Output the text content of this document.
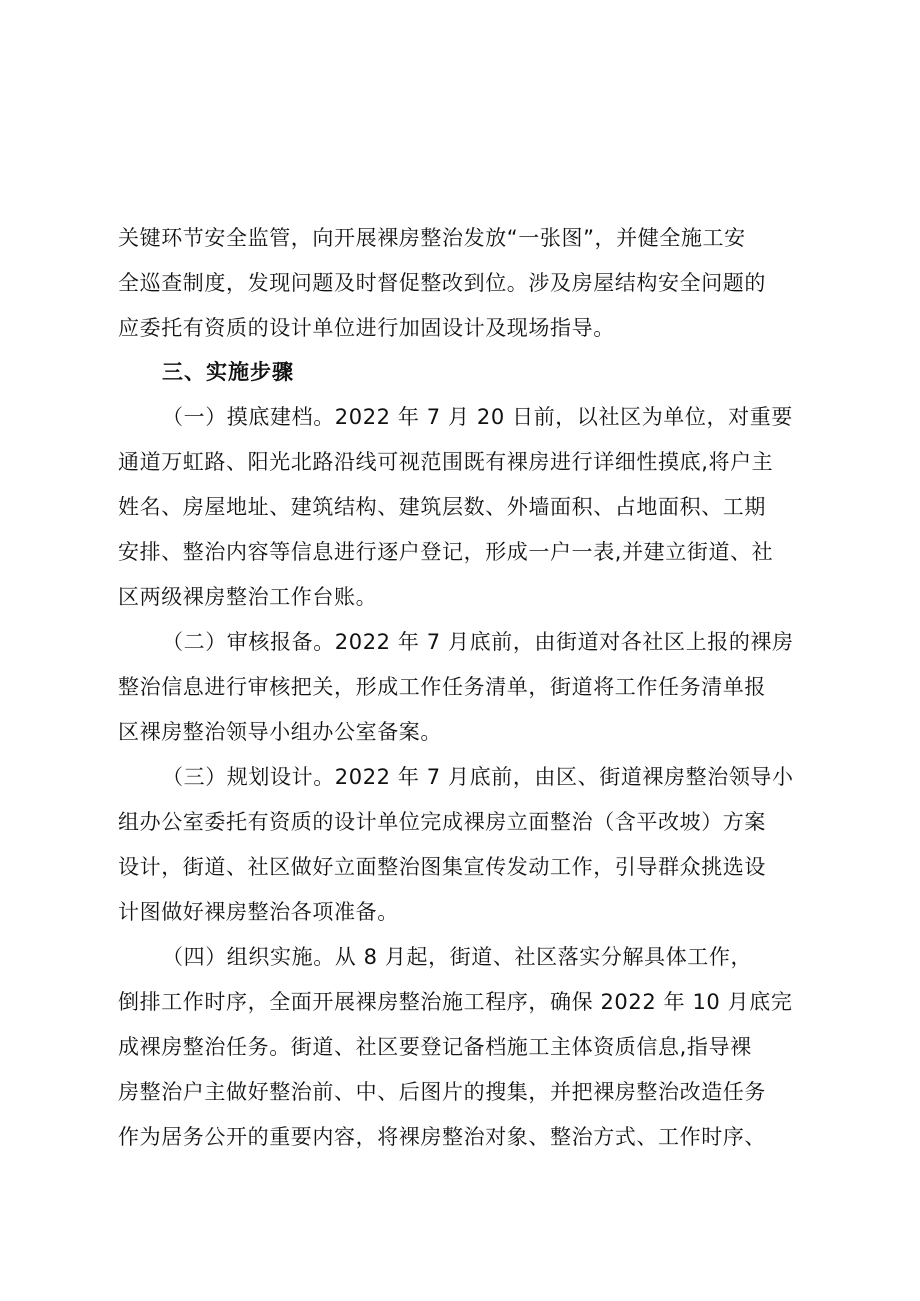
关键环节安全监管，向开展裸房整治发放“一张图”，并健全施工安
全巡查制度，发现问题及时督促整改到位。涉及房屋结构安全问题的
应委托有资质的设计单位进行加固设计及现场指导。
三、实施步骤
（一）摸底建档。2022 年 7 月 20 日前，以社区为单位，对重要
通道万虹路、阳光北路沿线可视范围既有裸房进行详细性摸底,将户主
姓名、房屋地址、建筑结构、建筑层数、外墙面积、占地面积、工期
安排、整治内容等信息进行逐户登记，形成一户一表,并建立街道、社
区两级裸房整治工作台账。
（二）审核报备。2022 年 7 月底前，由街道对各社区上报的裸房
整治信息进行审核把关，形成工作任务清单，街道将工作任务清单报
区裸房整治领导小组办公室备案。
（三）规划设计。2022 年 7 月底前，由区、街道裸房整治领导小
组办公室委托有资质的设计单位完成裸房立面整治（含平改坡）方案
设计，街道、社区做好立面整治图集宣传发动工作，引导群众挑选设
计图做好裸房整治各项准备。
（四）组织实施。从 8 月起，街道、社区落实分解具体工作，
倒排工作时序，全面开展裸房整治施工程序，确保 2022 年 10 月底完
成裸房整治任务。街道、社区要登记备档施工主体资质信息,指导裸
房整治户主做好整治前、中、后图片的搜集，并把裸房整治改造任务
作为居务公开的重要内容，将裸房整治对象、整治方式、工作时序、
